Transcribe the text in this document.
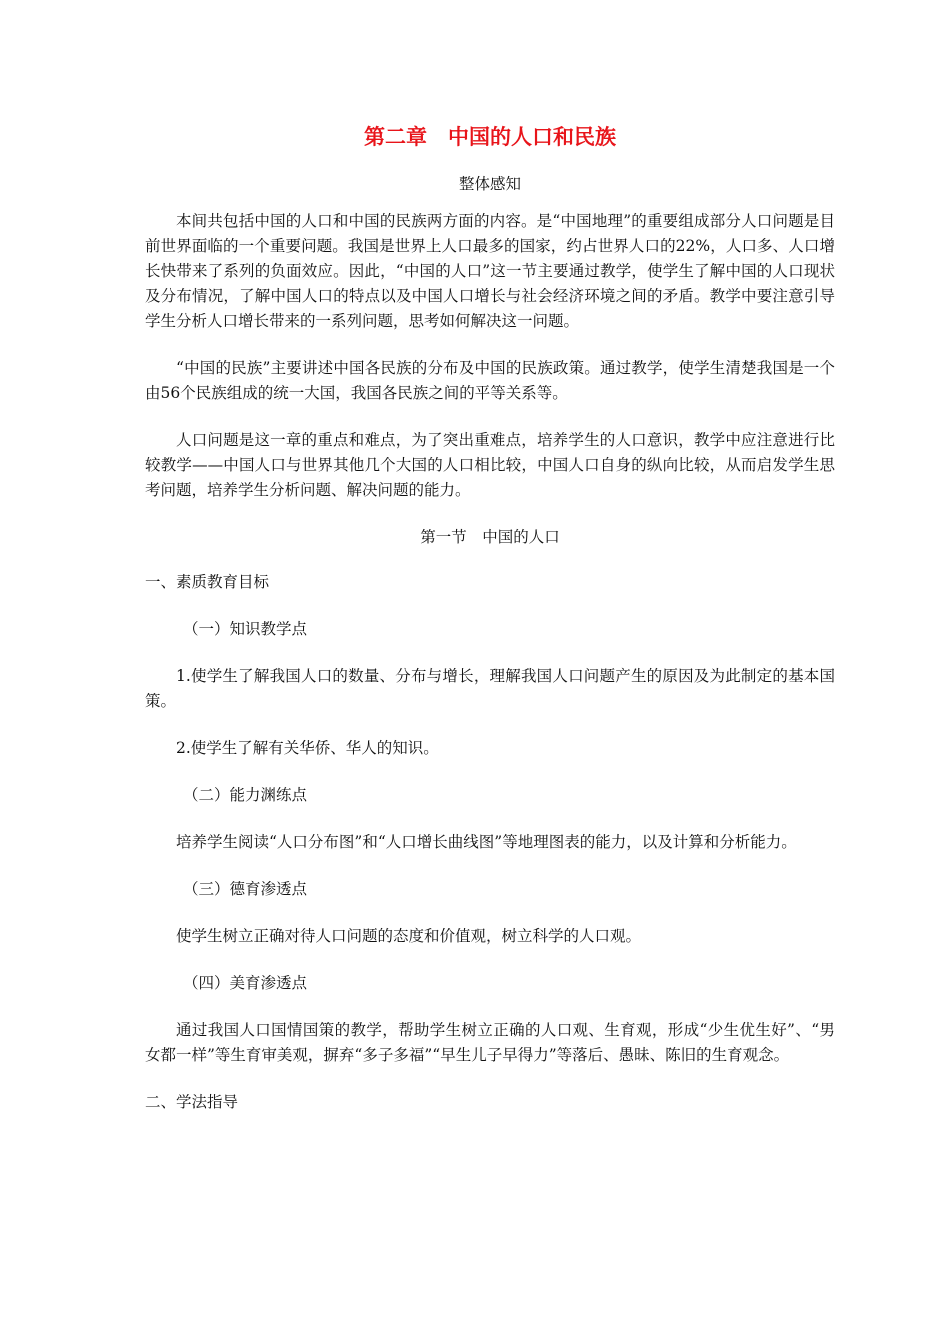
第二章　中国的人口和民族
整体感知

本间共包括中国的人口和中国的民族两方面的内容。是“中国地理”的重要组成部分人口问题是目前世界面临的一个重要问题。我国是世界上人口最多的国家，约占世界人口的22%，人口多、人口增长快带来了系列的负面效应。因此，“中国的人口”这一节主要通过教学，使学生了解中国的人口现状及分布情况，了解中国人口的特点以及中国人口增长与社会经济环境之间的矛盾。教学中要注意引导学生分析人口增长带来的一系列问题，思考如何解决这一问题。

“中国的民族”主要讲述中国各民族的分布及中国的民族政策。通过教学，使学生清楚我国是一个由56个民族组成的统一大国，我国各民族之间的平等关系等。

人口问题是这一章的重点和难点，为了突出重难点，培养学生的人口意识，教学中应注意进行比较教学——中国人口与世界其他几个大国的人口相比较，中国人口自身的纵向比较，从而启发学生思考问题，培养学生分析问题、解决问题的能力。

第一节　中国的人口
一、素质教育目标
（一）知识教学点

1.使学生了解我国人口的数量、分布与增长，理解我国人口问题产生的原因及为此制定的基本国策。

2.使学生了解有关华侨、华人的知识。

（二）能力渊练点

培养学生阅读“人口分布图”和“人口增长曲线图”等地理图表的能力，以及计算和分析能力。

（三）德育渗透点

使学生树立正确对待人口问题的态度和价值观，树立科学的人口观。

（四）美育渗透点

通过我国人口国情国策的教学，帮助学生树立正确的人口观、生育观，形成“少生优生好”、“男女都一样”等生育审美观，摒弃“多子多福”“早生儿子早得力”等落后、愚昧、陈旧的生育观念。

二、学法指导
